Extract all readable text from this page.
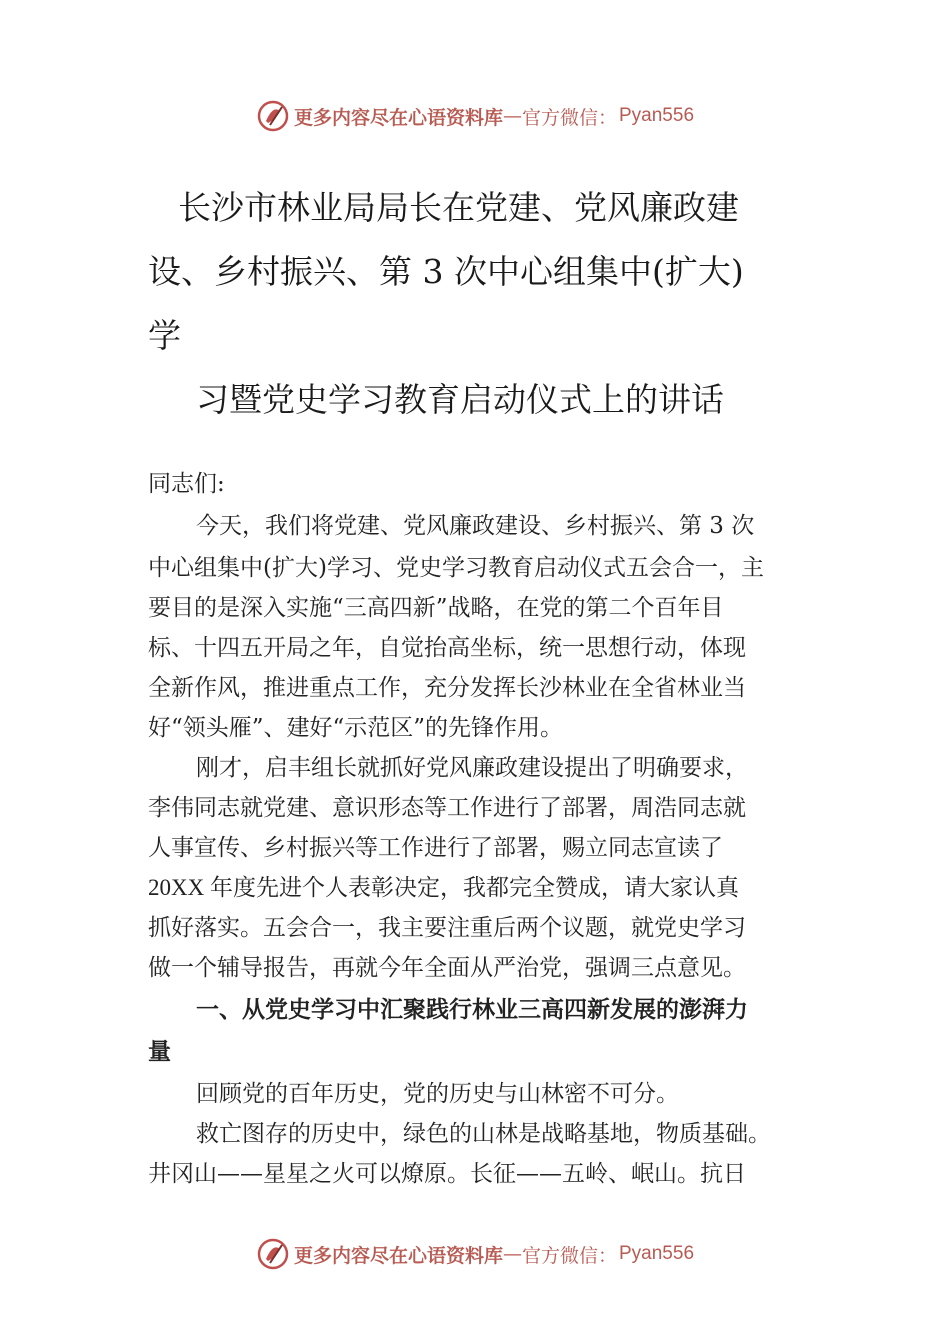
更多内容尽在心语资料库 — 官方微信： Pyan556
长沙市林业局局长在党建、党风廉政建
设、乡村振兴、第 3 次中心组集中(扩大)
学
习暨党史学习教育启动仪式上的讲话
同志们:
今天，我们将党建、党风廉政建设、乡村振兴、第 3 次
中心组集中(扩大)学习、党史学习教育启动仪式五会合一，主
要目的是深入实施“三高四新”战略，在党的第二个百年目
标、十四五开局之年，自觉抬高坐标，统一思想行动，体现
全新作风，推进重点工作，充分发挥长沙林业在全省林业当
好“领头雁”、建好“示范区”的先锋作用。
刚才，启丰组长就抓好党风廉政建设提出了明确要求，
李伟同志就党建、意识形态等工作进行了部署，周浩同志就
人事宣传、乡村振兴等工作进行了部署，赐立同志宣读了
20XX 年度先进个人表彰决定，我都完全赞成，请大家认真
抓好落实。五会合一，我主要注重后两个议题，就党史学习
做一个辅导报告，再就今年全面从严治党，强调三点意见。
一、从党史学习中汇聚践行林业三高四新发展的澎湃力
量
回顾党的百年历史，党的历史与山林密不可分。
救亡图存的历史中，绿色的山林是战略基地，物质基础。
井冈山——星星之火可以燎原。长征——五岭、岷山。抗日
更多内容尽在心语资料库 — 官方微信： Pyan556
